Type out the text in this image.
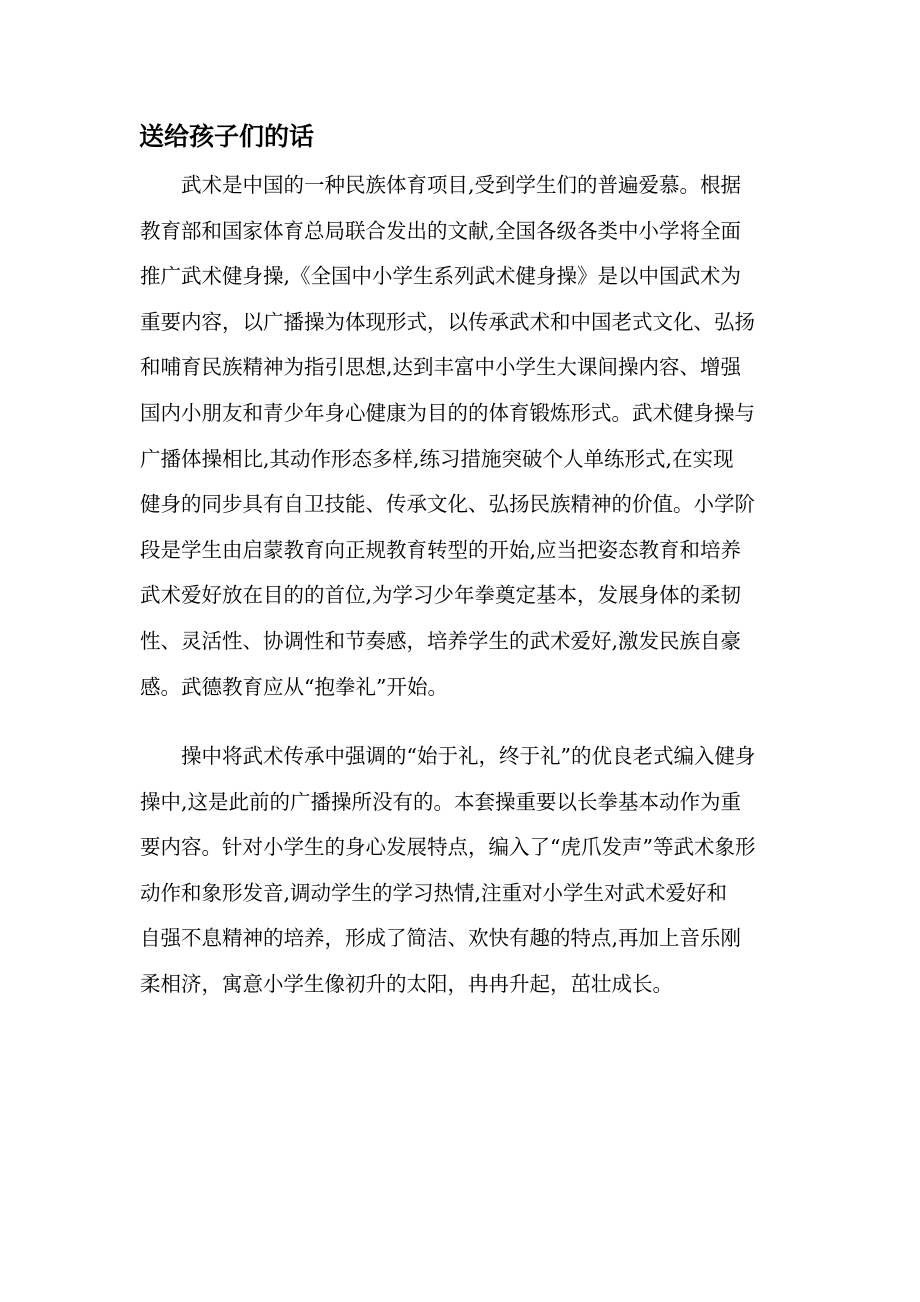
送给孩子们的话
武术是中国的一种民族体育项目,受到学生们的普遍爱慕。根据
教育部和国家体育总局联合发出的文献,全国各级各类中小学将全面
推广武术健身操,《全国中小学生系列武术健身操》是以中国武术为
重要内容，以广播操为体现形式，以传承武术和中国老式文化、弘扬
和哺育民族精神为指引思想,达到丰富中小学生大课间操内容、增强
国内小朋友和青少年身心健康为目的的体育锻炼形式。武术健身操与
广播体操相比,其动作形态多样,练习措施突破个人单练形式,在实现
健身的同步具有自卫技能、传承文化、弘扬民族精神的价值。小学阶
段是学生由启蒙教育向正规教育转型的开始,应当把姿态教育和培养
武术爱好放在目的的首位,为学习少年拳奠定基本，发展身体的柔韧
性、灵活性、协调性和节奏感，培养学生的武术爱好,激发民族自豪
感。武德教育应从“抱拳礼”开始。
操中将武术传承中强调的“始于礼，终于礼”的优良老式编入健身
操中,这是此前的广播操所没有的。本套操重要以长拳基本动作为重
要内容。针对小学生的身心发展特点，编入了“虎爪发声”等武术象形
动作和象形发音,调动学生的学习热情,注重对小学生对武术爱好和
自强不息精神的培养，形成了简洁、欢快有趣的特点,再加上音乐刚
柔相济，寓意小学生像初升的太阳，冉冉升起，茁壮成长。
